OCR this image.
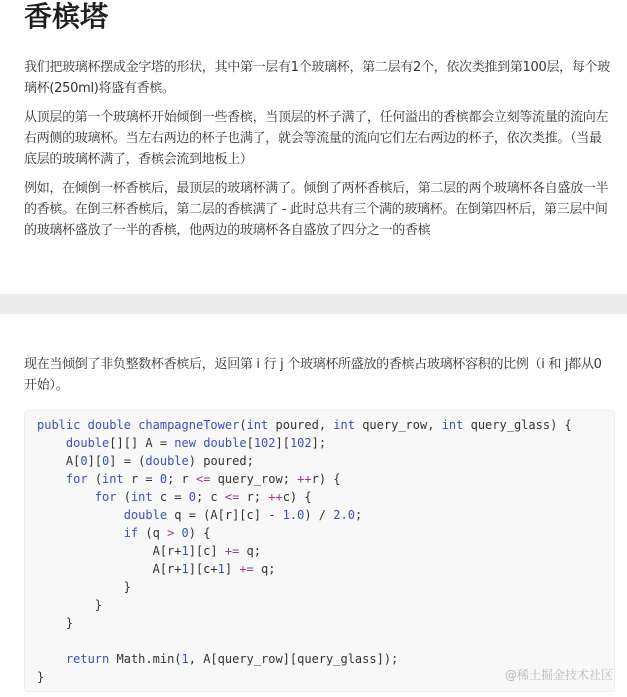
香槟塔

我们把玻璃杯摆成金字塔的形状，其中第一层有1个玻璃杯，第二层有2个，依次类推到第100层，每个玻璃杯(250ml)将盛有香槟。

从顶层的第一个玻璃杯开始倾倒一些香槟，当顶层的杯子满了，任何溢出的香槟都会立刻等流量的流向左右两侧的玻璃杯。当左右两边的杯子也满了，就会等流量的流向它们左右两边的杯子，依次类推。（当最底层的玻璃杯满了，香槟会流到地板上）

例如，在倾倒一杯香槟后，最顶层的玻璃杯满了。倾倒了两杯香槟后，第二层的两个玻璃杯各自盛放一半的香槟。在倒三杯香槟后，第二层的香槟满了 - 此时总共有三个满的玻璃杯。在倒第四杯后，第三层中间的玻璃杯盛放了一半的香槟，他两边的玻璃杯各自盛放了四分之一的香槟

现在当倾倒了非负整数杯香槟后，返回第 i 行 j 个玻璃杯所盛放的香槟占玻璃杯容积的比例（i 和 j都从0开始）。

public double champagneTower(int poured, int query_row, int query_glass) {
double[][] A = new double[102][102];
A[0][0] = (double) poured;
for (int r = 0; r <= query_row; ++r) {
for (int c = 0; c <= r; ++c) {
double q = (A[r][c] - 1.0) / 2.0;
if (q > 0) {
A[r+1][c] += q;
A[r+1][c+1] += q;
}
}
}

return Math.min(1, A[query_row][query_glass]);
}	@稀土掘金技术社区
